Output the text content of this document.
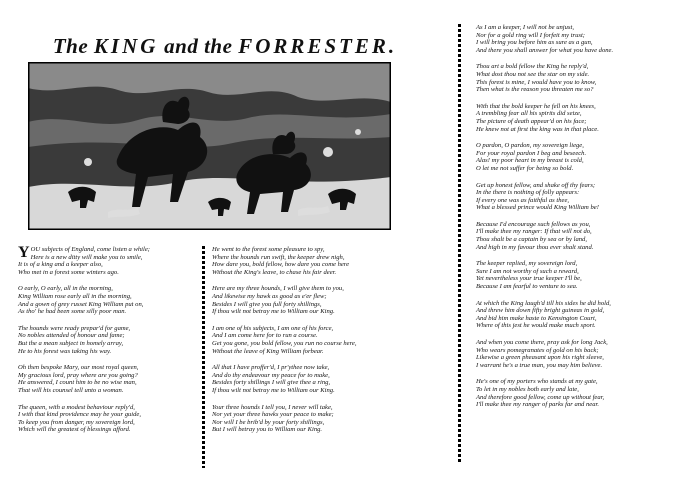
The KING and the FORRESTER.
Y OU subjects of England, come listen a while;
Here is a new ditty will make you to smile,
It is of a king and a keeper also,
Who met in a forest some winters ago.
O early, O early, all in the morning,
King William rose early all in the morning,
And a gown of grey russet King William put on,
As tho' he had been some silly poor man.
The hounds were ready prepar'd for game,
No nobles attended of honour and fame;
But the a mean subject in homely array,
He to his forest was taking his way.
Oh then bespoke Mary, our most royal queen,
My gracious lord, pray where are you going?
He answered, I count him to be no wise man,
That will his counsel tell unto a woman.
The queen, with a modest behaviour reply'd,
I with that kind providence may be your guide,
To keep you from danger, my sovereign lord,
Which will the greatest of blessings afford.
He went to the forest some pleasure to spy,
Where the hounds run swift, the keeper drew nigh,
How dare you, bold fellow, how dare you come here
Without the King's leave, to chase his fair deer.
Here are my three hounds, I will give them to you,
And likewise my hawk as good as e'er flew;
Besides I will give you full forty shillings,
If thou wilt not betray me to William our King.
I am one of his subjects, I am one of his force,
And I am come here for to run a course.
Get you gone, you bold fellow, you run no course here,
Without the leave of King William forbear.
All that I have proffer'd, I pr'ythee now take,
And do thy endeavour my peace for to make,
Besides forty shillings I will give thee a ring,
If thou wilt not betray me to William our King.
Your three hounds I tell you, I never will take,
Nor yet your three hawks your peace to make;
Nor will I be brib'd by your forty shillings,
But I will betray you to William our King.
As I am a keeper, I will not be unjust,
Nor for a gold ring will I forfeit my trust;
I will bring you before him as sure as a gun,
And there you shall answer for what you have done.
Thou art a bold fellow the King he reply'd,
What dost thou not see the star on my side.
This forest is mine, I would have you to know,
Then what is the reason you threaten me so?
With that the bold keeper he fell on his knees,
A trembling fear all his spirits did seize,
The picture of death appear'd on his face;
He knew not at first the king was in that place.
O pardon, O pardon, my sovereign liege,
For your royal pardon I beg and beseech.
Alas! my poor heart in my breast is cold,
O let me not suffer for being so bold.
Get up honest fellow, and shake off thy fears;
In the there is nothing of folly appears:
If every one was as faithful as thee,
What a blessed prince would King William be!
Because I'd encourage such fellows as you,
I'll make thee my ranger: If that will not do,
Thou shalt be a captain by sea or by land,
And high in my favour thou ever shalt stand.
The keeper replied, my sovereign lord,
Sure I am not worthy of such a reward,
Yet nevertheless your true keeper I'll be,
Because I am fearful to venture to sea.
At which the King laugh'd till his sides he did hold,
And threw him down fifty bright guineas in gold,
And bid him make haste to Kensington Court,
Where of this jest he would make much sport.
And when you come there, pray ask for long Jack,
Who wears pomegranates of gold on his back;
Likewise a green pheasant upon his right sleeve,
I warrant he's a true man, you may him believe.
He's one of my porters who stands at my gate,
To let in my nobles both early and late,
And therefore good fellow, come up without fear,
I'll make thee my ranger of parks far and near.
